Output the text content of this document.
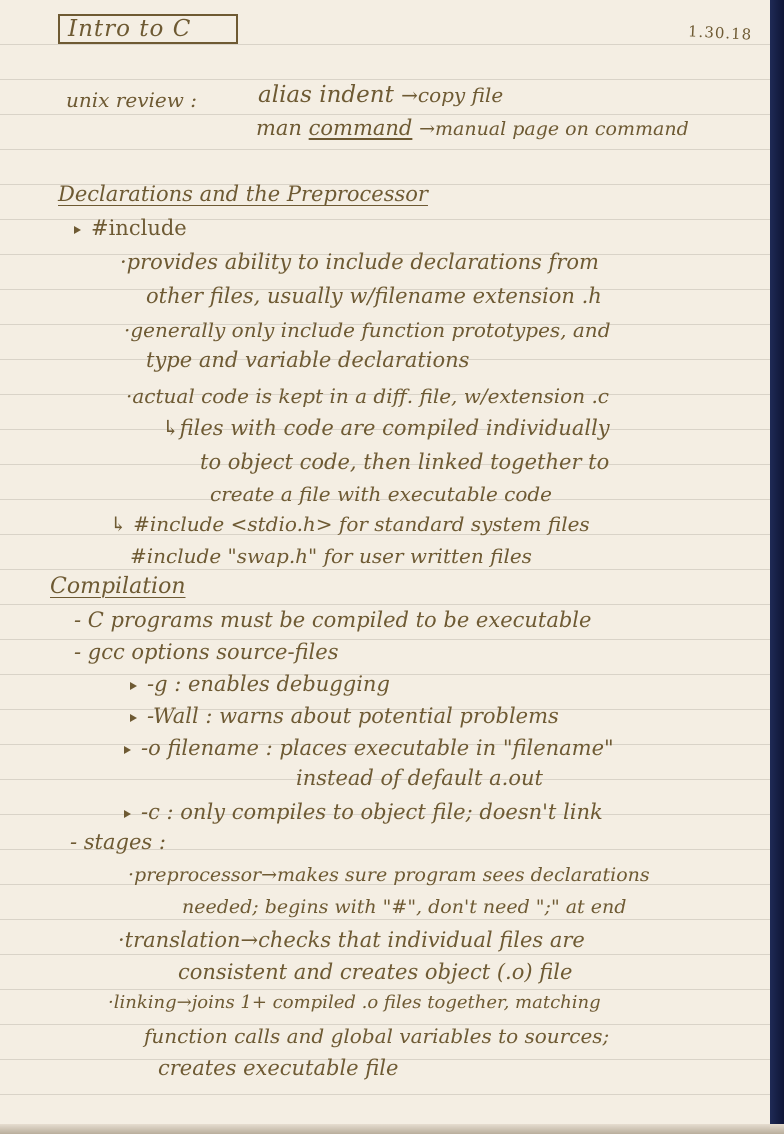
Intro to C	1.30.18
unix review :	alias indent →copy file
man command →manual page on command
Declarations and the Preprocessor
#include
·provides ability to include declarations from
other files, usually w/filename extension .h
·generally only include function prototypes, and
type and variable declarations
·actual code is kept in a diff. file, w/extension .c
↳files with code are compiled individually
to object code, then linked together to
create a file with executable code
↳ #include <stdio.h> for standard system files
#include "swap.h" for user written files
Compilation
- C programs must be compiled to be executable
- gcc options source-files
-g : enables debugging
-Wall : warns about potential problems
-o filename : places executable in "filename"
instead of default a.out
-c : only compiles to object file; doesn't link
- stages :
·preprocessor→makes sure program sees declarations
needed; begins with "#", don't need ";" at end
·translation→checks that individual files are
consistent and creates object (.o) file
·linking→joins 1+ compiled .o files together, matching
function calls and global variables to sources;
creates executable file
